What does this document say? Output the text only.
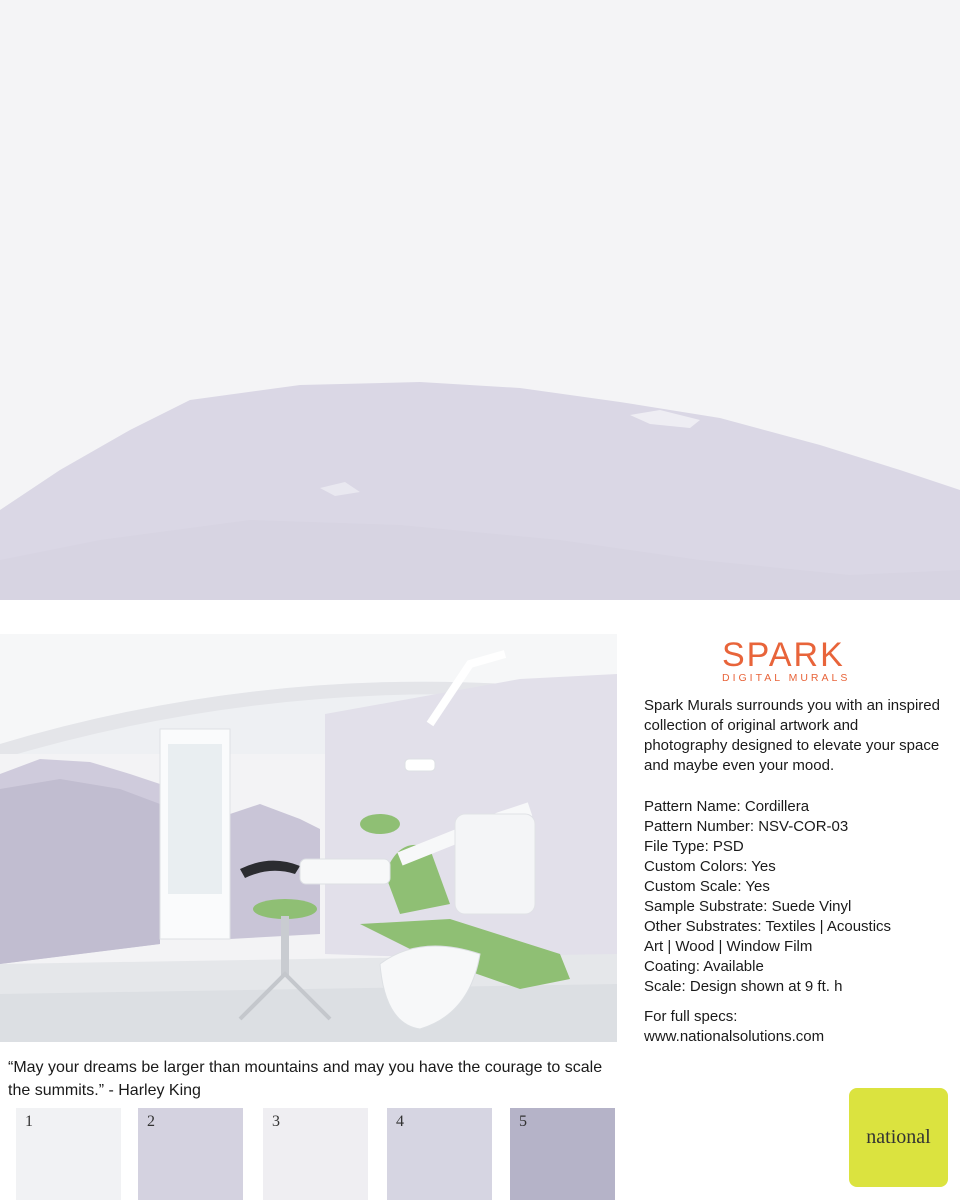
SPARK
DIGITAL MURALS
Spark Murals surrounds you with an inspired collection of original artwork and photography designed to elevate your space and maybe even your mood.
Pattern Name: Cordillera
Pattern Number: NSV-COR-03
File Type: PSD
Custom Colors: Yes
Custom Scale: Yes
Sample Substrate: Suede Vinyl
Other Substrates: Textiles | Acoustics
Art | Wood | Window Film
Coating: Available
Scale: Design shown at 9 ft. h
For full specs:
www.nationalsolutions.com
“May your dreams be larger than mountains and may you have the courage to scale the summits.” - Harley King
1	2	3	4	5
national
